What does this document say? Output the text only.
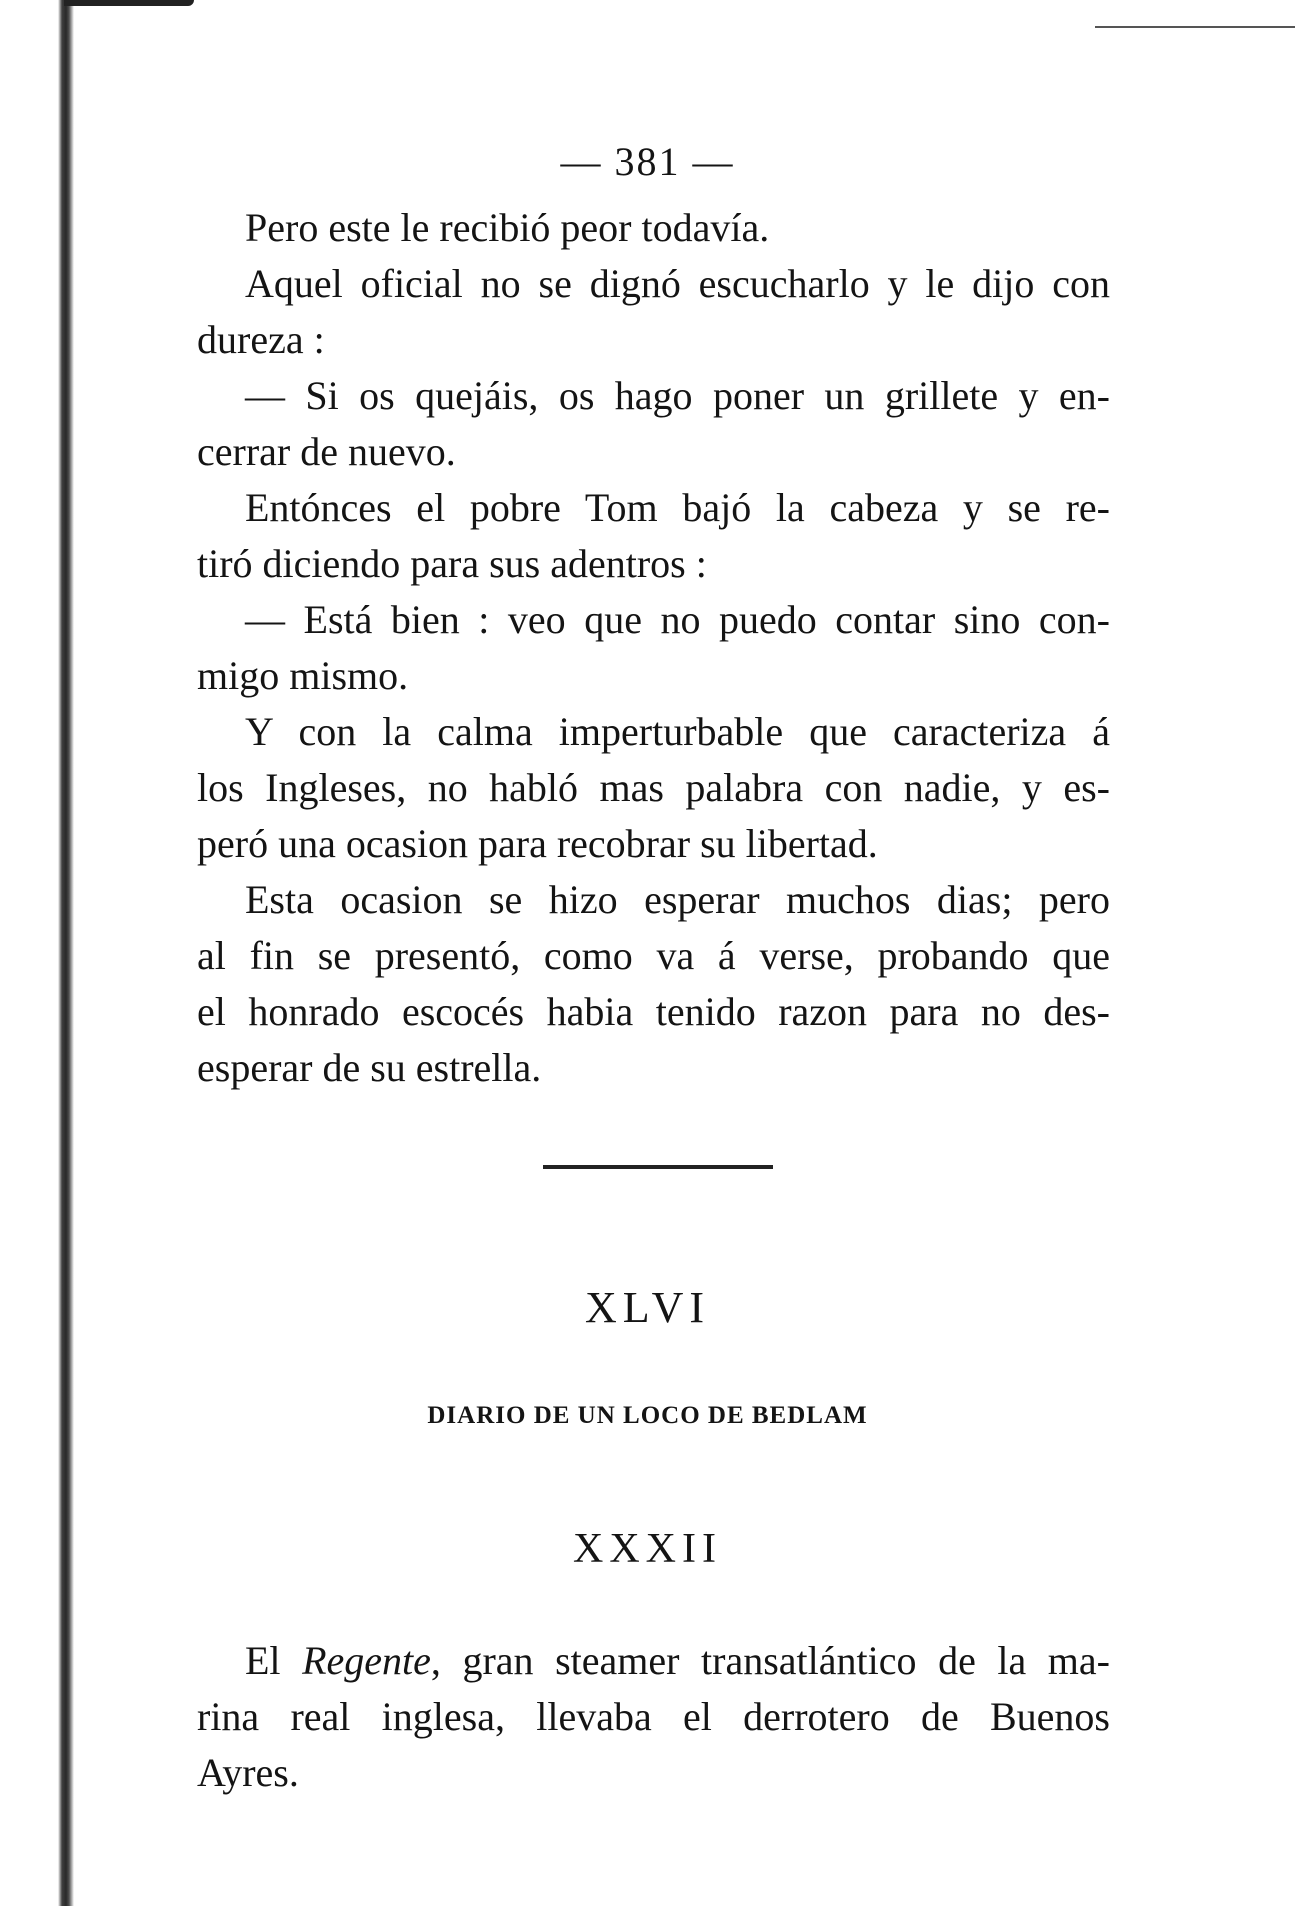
— 381 —
Pero este le recibió peor todavía.
Aquel oficial no se dignó escucharlo y le dijo con
dureza :
— Si os quejáis, os hago poner un grillete y en-
cerrar de nuevo.
Entónces el pobre Tom bajó la cabeza y se re-
tiró diciendo para sus adentros :
— Está bien : veo que no puedo contar sino con-
migo mismo.
Y con la calma imperturbable que caracteriza á
los Ingleses, no habló mas palabra con nadie, y es-
peró una ocasion para recobrar su libertad.
Esta ocasion se hizo esperar muchos dias; pero
al fin se presentó, como va á verse, probando que
el honrado escocés habia tenido razon para no des-
esperar de su estrella.
XLVI
DIARIO DE UN LOCO DE BEDLAM
XXXII
El Regente, gran steamer transatlántico de la ma-
rina real inglesa, llevaba el derrotero de Buenos
Ayres.
